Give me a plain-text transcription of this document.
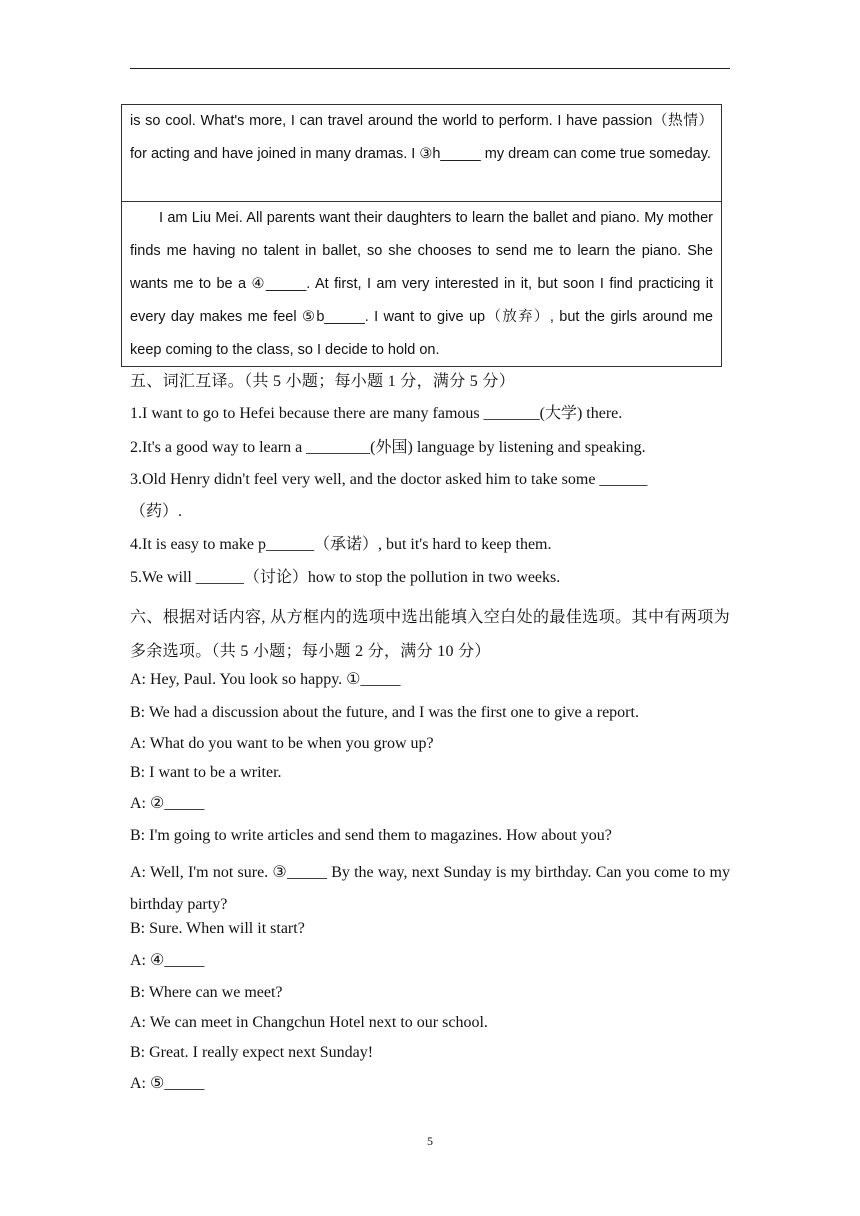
is so cool. What's more, I can travel around the world to perform. I have passion（热情）for acting and have joined in many dramas. I ③h_____ my dream can come true someday.

I am Liu Mei. All parents want their daughters to learn the ballet and piano. My mother finds me having no talent in ballet, so she chooses to send me to learn the piano. She wants me to be a ④_____. At first, I am very interested in it, but soon I find practicing it every day makes me feel ⑤b_____. I want to give up（放弃）, but the girls around me keep coming to the class, so I decide to hold on.

五、词汇互译。（共 5 小题；每小题 1 分，满分 5 分）
1.I want to go to Hefei because there are many famous _______(大学) there.
2.It's a good way to learn a ________(外国) language by listening and speaking.
3.Old Henry didn't feel very well, and the doctor asked him to take some ______
（药）.
4.It is easy to make p______（承诺）, but it's hard to keep them.
5.We will ______（讨论）how to stop the pollution in two weeks.
六、根据对话内容, 从方框内的选项中选出能填入空白处的最佳选项。其中有两项为多余选项。（共 5 小题；每小题 2 分，满分 10 分）
A: Hey, Paul. You look so happy. ①_____
B: We had a discussion about the future, and I was the first one to give a report.
A: What do you want to be when you grow up?
B: I want to be a writer.
A: ②_____
B: I'm going to write articles and send them to magazines. How about you?
A: Well, I'm not sure. ③_____ By the way, next Sunday is my birthday. Can you come to my birthday party?
B: Sure. When will it start?
A: ④_____
B: Where can we meet?
A: We can meet in Changchun Hotel next to our school.
B: Great. I really expect next Sunday!
A: ⑤_____
5
